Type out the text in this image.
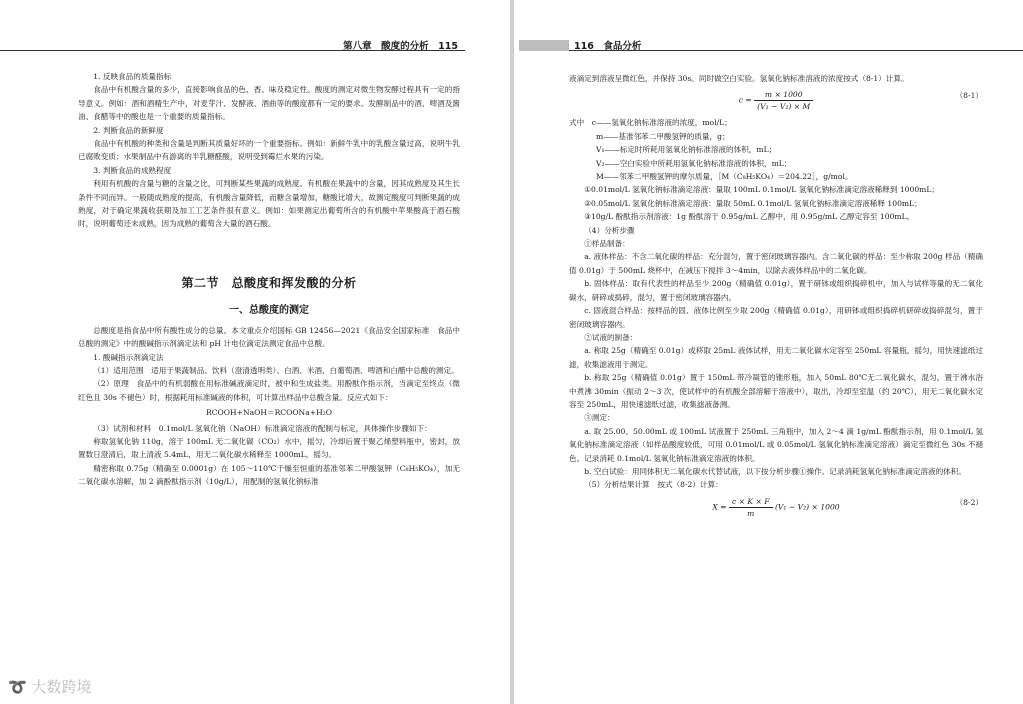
第八章　酸度的分析　115

1. 反映食品的质量指标

食品中有机酸含量的多少，直接影响食品的色、香、味及稳定性。酸度的测定对微生物发酵过程具有一定的指导意义。例如：酒和酒精生产中，对麦芽汁、发酵液、酒曲等的酸度都有一定的要求。发酵制品中的酒、啤酒及酱油、食醋等中的酸也是一个重要的质量指标。

2. 判断食品的新鲜度

食品中有机酸的种类和含量是判断其质量好坏的一个重要指标。例如：新鲜牛乳中的乳酸含量过高，说明牛乳已腐败变质；水果制品中有游离的半乳糖醛酸，说明受到霉烂水果的污染。

3. 判断食品的成熟程度

利用有机酸的含量与糖的含量之比，可判断某些果蔬的成熟度。有机酸在果蔬中的含量，因其成熟度及其生长条件不同而异。一般随成熟度的提高，有机酸含量降低，而糖含量增加，糖酸比增大，故测定酸度可判断果蔬的成熟度，对于确定果蔬收获期及加工工艺条件很有意义。例如：如果测定出葡萄所含的有机酸中苹果酸高于酒石酸时，说明葡萄还未成熟，因为成熟的葡萄含大量的酒石酸。

第二节　总酸度和挥发酸的分析
一、总酸度的测定

总酸度是指食品中所有酸性成分的总量。本文重点介绍国标 GB 12456—2021《食品安全国家标准　食品中总酸的测定》中的酸碱指示剂滴定法和 pH 计电位滴定法测定食品中总酸。

1. 酸碱指示剂滴定法

（1）适用范围　适用于果蔬制品、饮料（澄清透明类）、白酒、米酒、白葡萄酒、啤酒和白醋中总酸的测定。

（2）原理　食品中的有机弱酸在用标准碱液滴定时，被中和生成盐类。用酚酞作指示剂，当滴定至终点（微红色且 30s 不褪色）时，根据耗用标准碱液的体积，可计算出样品中总酸含量。反应式如下：

RCOOH+NaOH＝RCOONa+H₂O

（3）试剂和材料　0.1mol/L 氢氧化钠（NaOH）标准滴定溶液的配制与标定，具体操作步骤如下：

称取氢氧化钠 110g，溶于 100mL 无二氧化碳（CO₂）水中，摇匀，冷却后置于聚乙烯塑料瓶中，密封，放置数日澄清后，取上清液 5.4mL，用无二氧化碳水稀释至 1000mL，摇匀。

精密称取 0.75g（精确至 0.0001g）在 105～110℃干燥至恒重的基准邻苯二甲酸氢钾（C₈H₅KO₄），加无二氧化碳水溶解，加 2 滴酚酞指示剂（10g/L），用配制的氢氧化钠标准

➰ 大数跨境
116　食品分析

液滴定到溶液呈微红色，并保持 30s。同时做空白实验。氢氧化钠标准溶液的浓度按式（8-1）计算。

$c = \frac{m \times 1000}{\text{(V₁ − V₂) × M}}$	（8-1）

式中　c——氢氧化钠标准溶液的浓度，mol/L；

m——基准邻苯二甲酸氢钾的质量，g；

V₁——标定时所耗用氢氧化钠标准溶液的体积，mL；

V₂——空白实验中所耗用氢氧化钠标准溶液的体积，mL；

M——邻苯二甲酸氢钾的摩尔质量，［M（C₈H₅KO₄）＝204.22］，g/mol。

①0.01mol/L 氢氧化钠标准滴定溶液：量取 100mL 0.1mol/L 氢氧化钠标准滴定溶液稀释到 1000mL；

②0.05mol/L 氢氧化钠标准滴定溶液：量取 50mL 0.1mol/L 氢氧化钠标准滴定溶液稀释 100mL；

③10g/L 酚酞指示剂溶液：1g 酚酞溶于 0.95g/mL 乙醇中，用 0.95g/mL 乙醇定容至 100mL。

（4）分析步骤

①样品制备：

a. 液体样品：不含二氧化碳的样品：充分混匀，置于密闭玻璃容器内。含二氧化碳的样品：至少称取 200g 样品（精确值 0.01g）于 500mL 烧杯中，在减压下搅拌 3～4min，以除去液体样品中的二氧化碳。

b. 固体样品：取有代表性的样品至少 200g（精确值 0.01g），置于研钵或组织捣碎机中，加入与试样等量的无二氧化碳水，研碎或捣碎，混匀，置于密闭玻璃容器内。

c. 固液混合样品：按样品的固、液体比例至少取 200g（精确值 0.01g），用研钵或组织捣碎机研碎或捣碎混匀，置于密闭玻璃容器内。

②试液的制备：

a. 称取 25g（精确至 0.01g）或移取 25mL 液体试样，用无二氧化碳水定容至 250mL 容量瓶，摇匀，用快速滤纸过滤，收集滤液用于测定。

b. 称取 25g（精确值 0.01g）置于 150mL 带冷凝管的锥形瓶，加入 50mL 80℃无二氧化碳水，混匀，置于沸水浴中煮沸 30min（振动 2～3 次，使试样中的有机酸全部溶解于溶液中），取出，冷却至室温（约 20℃），用无二氧化碳水定容至 250mL，用快速滤纸过滤，收集滤液备测。

③测定：

a. 取 25.00、50.00mL 或 100mL 试液置于 250mL 三角瓶中，加入 2～4 滴 1g/mL 酚酞指示剂，用 0.1mol/L 氢氧化钠标准滴定溶液（如样品酸度较低，可用 0.01mol/L 或 0.05mol/L 氢氧化钠标准滴定溶液）滴定至微红色 30s 不褪色。记录消耗 0.1mol/L 氢氧化钠标准滴定溶液的体积。

b. 空白试验：用同体积无二氧化碳水代替试液，以下按分析步骤①操作。记录消耗氢氧化钠标准滴定溶液的体积。

（5）分析结果计算　按式（8-2）计算：

$X = \frac{c \times K \times F}{m} (V_1 - V_2) \times 1000$	（8-2）
